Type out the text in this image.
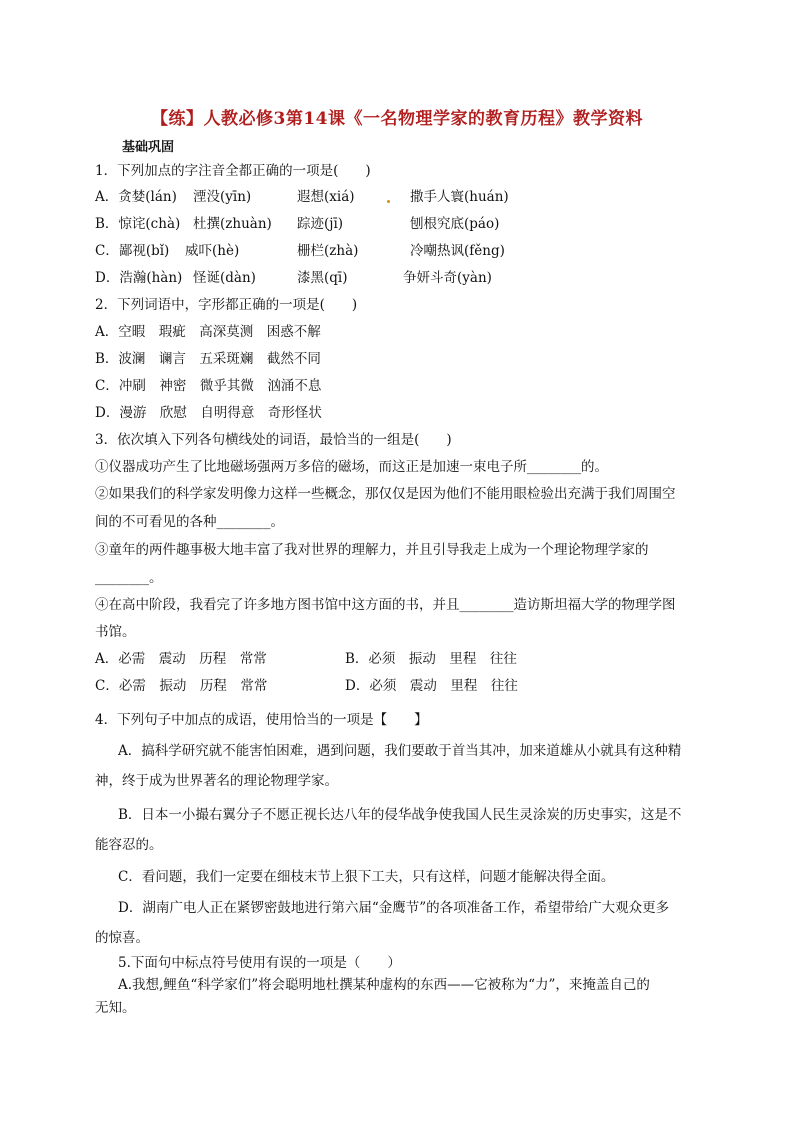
【练】人教必修3第14课《一名物理学家的教育历程》教学资料
基础巩固
1．下列加点的字注音全都正确的一项是(　　)
A．贪婪(lán) 湮没(yīn)	遐想(xiá)	撒手人寰(huán)
B．惊诧(chà) 杜撰(zhuàn) 踪迹(jī)	刨根究底(páo)
C．鄙视(bǐ) 威吓(hè)	栅栏(zhà)	冷嘲热讽(fěng)
D．浩瀚(hàn) 怪诞(dàn)	漆黑(qī)	争妍斗奇(yàn)
2．下列词语中，字形都正确的一项是(　　)
A．空暇　瑕疵　高深莫测　困惑不解
B．波澜　谰言　五采斑斓　截然不同
C．冲刷　神密　微乎其微　汹涌不息
D．漫游　欣慰　自明得意　奇形怪状
3．依次填入下列各句横线处的词语，最恰当的一组是(　　)
①仪器成功产生了比地磁场强两万多倍的磁场，而这正是加速一束电子所________的。
②如果我们的科学家发明像力这样一些概念，那仅仅是因为他们不能用眼检验出充满于我们周围空
间的不可看见的各种________。
③童年的两件趣事极大地丰富了我对世界的理解力，并且引导我走上成为一个理论物理学家的
________。
④在高中阶段，我看完了许多地方图书馆中这方面的书，并且________造访斯坦福大学的物理学图
书馆。
A．必需　震动　历程　常常	B．必须　振动　里程　往往
C．必需　振动　历程　常常	D．必须　震动　里程　往往
4．下列句子中加点的成语，使用恰当的一项是【　　】
A．搞科学研究就不能害怕困难，遇到问题，我们要敢于首当其冲，加来道雄从小就具有这种精
神，终于成为世界著名的理论物理学家。
B．日本一小撮右翼分子不愿正视长达八年的侵华战争使我国人民生灵涂炭的历史事实，这是不
能容忍的。
C．看问题，我们一定要在细枝末节上狠下工夫，只有这样，问题才能解决得全面。
D．湖南广电人正在紧锣密鼓地进行第六届“金鹰节”的各项准备工作，希望带给广大观众更多
的惊喜。
5.下面句中标点符号使用有误的一项是（　　）
A.我想,鲤鱼“科学家们”将会聪明地杜撰某种虚构的东西——它被称为“力”，来掩盖自己的
无知。
